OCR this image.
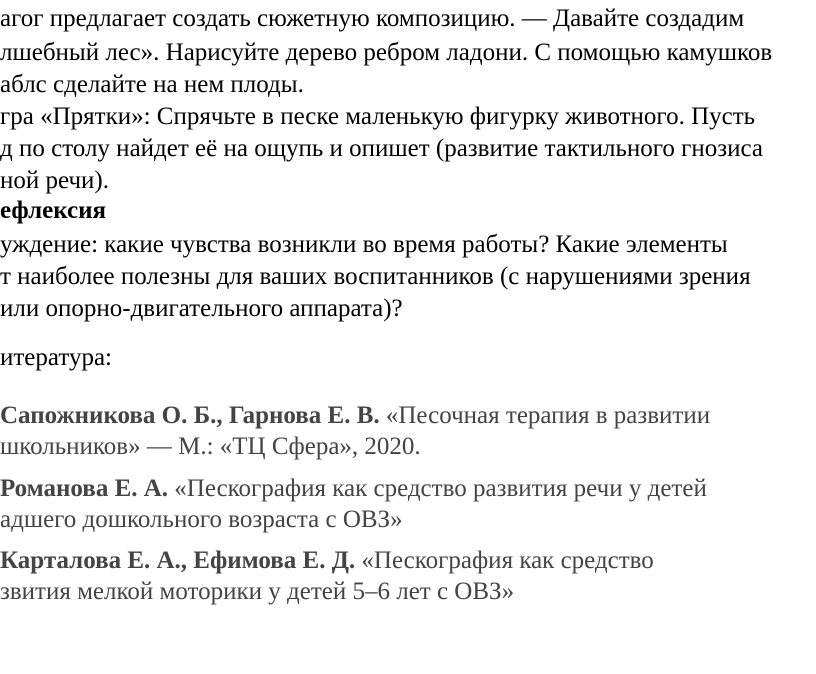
агог предлагает создать сюжетную композицию. — Давайте создадим
лшебный лес». Нарисуйте дерево ребром ладони. С помощью камушков
аблс сделайте на нем плоды.
гра «Прятки»: Спрячьте в песке маленькую фигурку животного. Пусть
д по столу найдет её на ощупь и опишет (развитие тактильного гнозиса
ной речи).
ефлексия
уждение: какие чувства возникли во время работы? Какие элементы
т наиболее полезны для ваших воспитанников (с нарушениями зрения
или опорно-двигательного аппарата)?
итература:
Сапожникова О. Б., Гарнова Е. В. «Песочная терапия в развитии
школьников» — М.: «ТЦ Сфера», 2020.
Романова Е. А. «Пескография как средство развития речи у детей
адшего дошкольного возраста с ОВЗ»
Карталова Е. А., Ефимова Е. Д. «Пескография как средство
звития мелкой моторики у детей 5–6 лет с ОВЗ»
